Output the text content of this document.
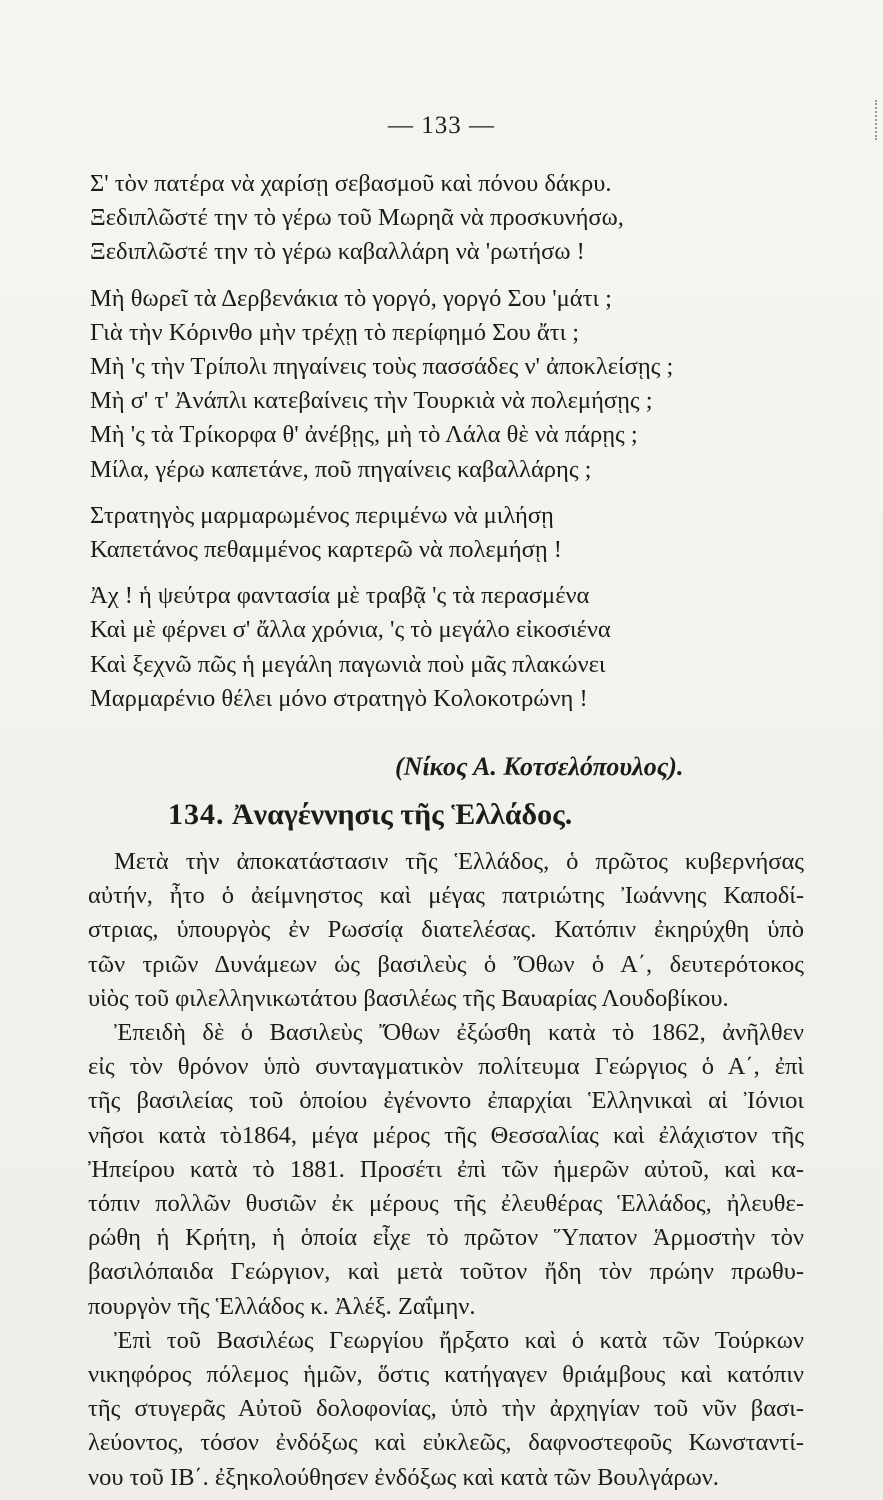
— 133 —
Σ' τὸν πατέρα νὰ χαρίσῃ σεβασμοῦ καὶ πόνου δάκρυ.
Ξεδιπλῶστέ την τὸ γέρω τοῦ Μωρηᾶ νὰ προσκυνήσω,
Ξεδιπλῶστέ την τὸ γέρω καβαλλάρη νὰ 'ρωτήσω !
Μὴ θωρεῖ τὰ Δερβενάκια τὸ γοργό, γοργό Σου 'μάτι ;
Γιὰ τὴν Κόρινθο μὴν τρέχῃ τὸ περίφημό Σου ἄτι ;
Μὴ 'ς τὴν Τρίπολι πηγαίνεις τοὺς πασσάδες ν' ἀποκλείσῃς ;
Μὴ σ' τ' Ἀνάπλι κατεβαίνεις τὴν Τουρκιὰ νὰ πολεμήσῃς ;
Μὴ 'ς τὰ Τρίκορφα θ' ἀνέβῃς, μὴ τὸ Λάλα θὲ νὰ πάρῃς ;
Μίλα, γέρω καπετάνε, ποῦ πηγαίνεις καβαλλάρης ;
Στρατηγὸς μαρμαρωμένος περιμένω νὰ μιλήσῃ
Καπετάνος πεθαμμένος καρτερῶ νὰ πολεμήσῃ !
Ἀχ ! ἡ ψεύτρα φαντασία μὲ τραβᾷ 'ς τὰ περασμένα
Καὶ μὲ φέρνει σ' ἄλλα χρόνια, 'ς τὸ μεγάλο εἰκοσιένα
Καὶ ξεχνῶ πῶς ἡ μεγάλη παγωνιὰ ποὺ μᾶς πλακώνει
Μαρμαρένιο θέλει μόνο στρατηγὸ Κολοκοτρώνη !
(Νίκος Α. Κοτσελόπουλος).
134. Ἀναγέννησις τῆς Ἑλλάδος.
Μετὰ τὴν ἀποκατάστασιν τῆς Ἑλλάδος, ὁ πρῶτος κυβερνήσας
αὐτήν, ἦτο ὁ ἀείμνηστος καὶ μέγας πατριώτης Ἰωάννης Καποδί-
στριας, ὑπουργὸς ἐν Ρωσσίᾳ διατελέσας. Κατόπιν ἐκηρύχθη ὑπὸ
τῶν τριῶν Δυνάμεων ὡς βασιλεὺς ὁ Ὄθων ὁ Α΄, δευτερότοκος
υἱὸς τοῦ φιλελληνικωτάτου βασιλέως τῆς Βαυαρίας Λουδοβίκου.
Ἐπειδὴ δὲ ὁ Βασιλεὺς Ὄθων ἐξώσθη κατὰ τὸ 1862, ἀνῆλθεν
εἰς τὸν θρόνον ὑπὸ συνταγματικὸν πολίτευμα Γεώργιος ὁ Α΄, ἐπὶ
τῆς βασιλείας τοῦ ὁποίου ἐγένοντο ἐπαρχίαι Ἑλληνικαὶ αἱ Ἰόνιοι
νῆσοι κατὰ τὸ1864, μέγα μέρος τῆς Θεσσαλίας καὶ ἐλάχιστον τῆς
Ἠπείρου κατὰ τὸ 1881. Προσέτι ἐπὶ τῶν ἡμερῶν αὐτοῦ, καὶ κα-
τόπιν πολλῶν θυσιῶν ἐκ μέρους τῆς ἐλευθέρας Ἑλλάδος, ἠλευθε-
ρώθη ἡ Κρήτη, ἡ ὁποία εἶχε τὸ πρῶτον Ὕπατον Ἁρμοστὴν τὸν
βασιλόπαιδα Γεώργιον, καὶ μετὰ τοῦτον ἤδη τὸν πρώην πρωθυ-
πουργὸν τῆς Ἑλλάδος κ. Ἀλέξ. Ζαΐμην.
Ἐπὶ τοῦ Βασιλέως Γεωργίου ἤρξατο καὶ ὁ κατὰ τῶν Τούρκων
νικηφόρος πόλεμος ἡμῶν, ὅστις κατήγαγεν θριάμβους καὶ κατόπιν
τῆς στυγερᾶς Αὐτοῦ δολοφονίας, ὑπὸ τὴν ἀρχηγίαν τοῦ νῦν βασι-
λεύοντος, τόσον ἐνδόξως καὶ εὐκλεῶς, δαφνοστεφοῦς Κωνσταντί-
νου τοῦ ΙΒ΄. ἐξηκολούθησεν ἐνδόξως καὶ κατὰ τῶν Βουλγάρων.
